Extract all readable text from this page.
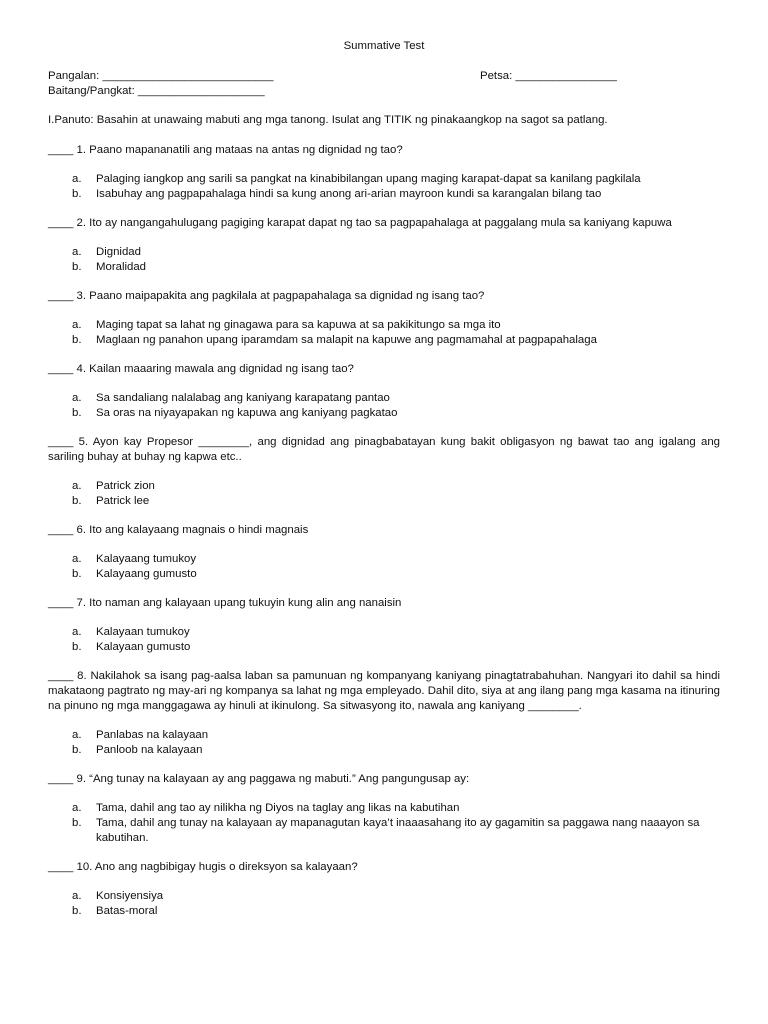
Summative Test
Pangalan: ___________________________	Petsa: ________________
Baitang/Pangkat: ____________________
I.Panuto: Basahin at unawaing mabuti ang mga tanong. Isulat ang TITIK ng pinakaangkop na sagot sa patlang.
____ 1. Paano mapananatili ang mataas na antas ng dignidad ng tao?
a.	Palaging iangkop ang sarili sa pangkat na kinabibilangan upang maging karapat-dapat sa kanilang pagkilala
b.	Isabuhay ang pagpapahalaga hindi sa kung anong ari-arian mayroon kundi sa karangalan bilang tao
____ 2. Ito ay nangangahulugang pagiging karapat dapat ng tao sa pagpapahalaga at paggalang mula sa kaniyang kapuwa
a.	Dignidad
b.	Moralidad
____ 3. Paano maipapakita ang pagkilala at pagpapahalaga sa dignidad ng isang tao?
a.	Maging tapat sa lahat ng ginagawa para sa kapuwa at sa pakikitungo sa mga ito
b.	Maglaan ng panahon upang iparamdam sa malapit na kapuwe ang pagmamahal at pagpapahalaga
____ 4. Kailan maaaring mawala ang dignidad ng isang tao?
a.	Sa sandaliang nalalabag ang kaniyang karapatang pantao
b.	Sa oras na niyayapakan ng kapuwa ang kaniyang pagkatao
____ 5. Ayon kay Propesor ________, ang dignidad ang pinagbabatayan kung bakit obligasyon ng bawat tao ang igalang ang sariling buhay at buhay ng kapwa etc..
a.	Patrick zion
b.	Patrick lee
____ 6. Ito ang kalayaang magnais o hindi magnais
a.	Kalayaang tumukoy
b.	Kalayaang gumusto
____ 7. Ito naman ang kalayaan upang tukuyin kung alin ang nanaisin
a.	Kalayaan tumukoy
b.	Kalayaan gumusto
____ 8. Nakilahok sa isang pag-aalsa laban sa pamunuan ng kompanyang kaniyang pinagtatrabahuhan. Nangyari ito dahil sa hindi makataong pagtrato ng may-ari ng kompanya sa lahat ng mga empleyado. Dahil dito, siya at ang ilang pang mga kasama na itinuring na pinuno ng mga manggagawa ay hinuli at ikinulong. Sa sitwasyong ito, nawala ang kaniyang ________.
a.	Panlabas na kalayaan
b.	Panloob na kalayaan
____ 9. “Ang tunay na kalayaan ay ang paggawa ng mabuti.” Ang pangungusap ay:
a.	Tama, dahil ang tao ay nilikha ng Diyos na taglay ang likas na kabutihan
b.	Tama, dahil ang tunay na kalayaan ay mapanagutan kaya’t inaaasahang ito ay gagamitin sa paggawa nang naaayon sa kabutihan.
____ 10. Ano ang nagbibigay hugis o direksyon sa kalayaan?
a.	Konsiyensiya
b.	Batas-moral
